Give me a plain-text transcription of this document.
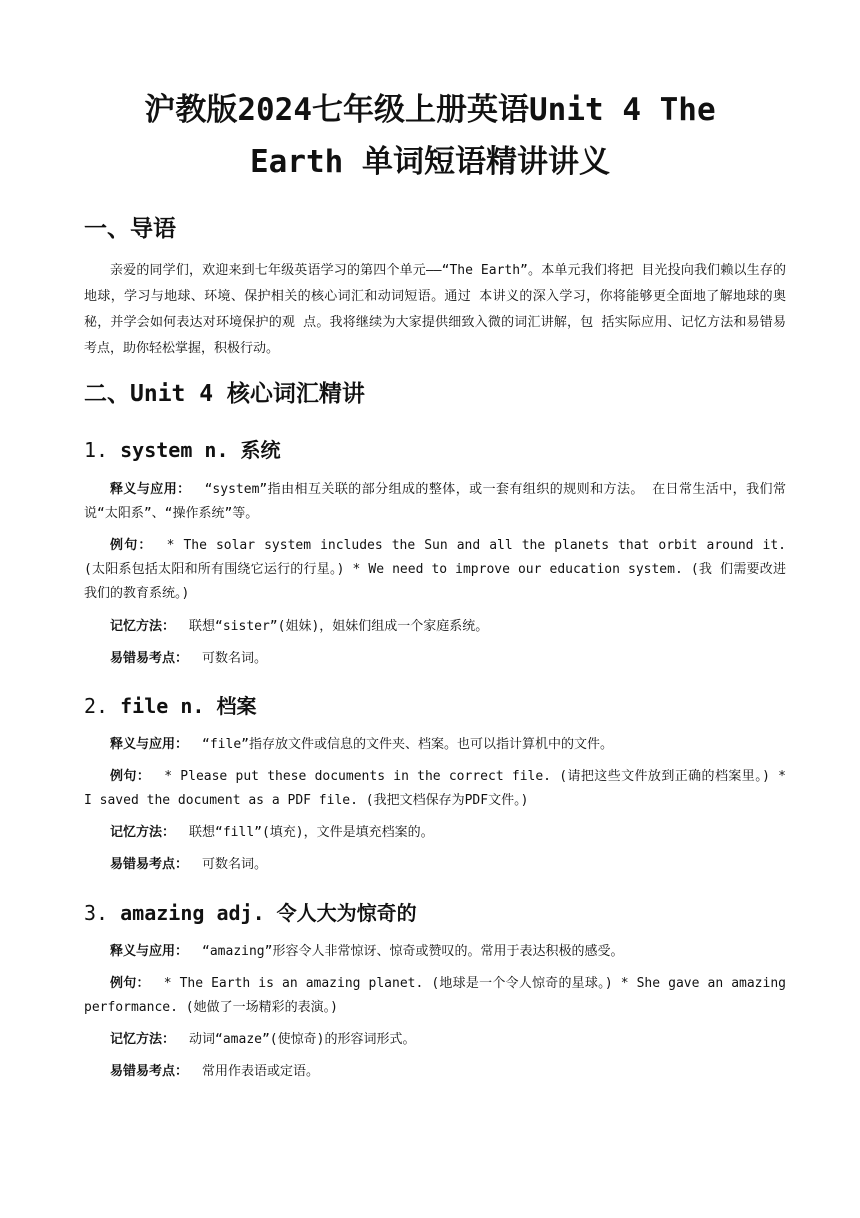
沪教版2024七年级上册英语Unit 4 The
Earth 单词短语精讲讲义
一、导语

亲爱的同学们，欢迎来到七年级英语学习的第四个单元——“The Earth”。本单元我们将把 目光投向我们赖以生存的地球，学习与地球、环境、保护相关的核心词汇和动词短语。通过 本讲义的深入学习，你将能够更全面地了解地球的奥秘，并学会如何表达对环境保护的观 点。我将继续为大家提供细致入微的词汇讲解，包 括实际应用、记忆方法和易错易考点，助你轻松掌握，积极行动。

二、Unit 4 核心词汇精讲
1. system n. 系统

释义与应用： “system”指由相互关联的部分组成的整体，或一套有组织的规则和方法。 在日常生活中，我们常说“太阳系”、“操作系统”等。

例句： * The solar system includes the Sun and all the planets that orbit around it. (太阳系包括太阳和所有围绕它运行的行星。) * We need to improve our education system. (我 们需要改进我们的教育系统。)

记忆方法： 联想“sister”(姐妹)，姐妹们组成一个家庭系统。

易错易考点： 可数名词。

2. file n. 档案

释义与应用： “file”指存放文件或信息的文件夹、档案。也可以指计算机中的文件。

例句： * Please put these documents in the correct file. (请把这些文件放到正确的档案里。) * I saved the document as a PDF file. (我把文档保存为PDF文件。)

记忆方法： 联想“fill”(填充)，文件是填充档案的。

易错易考点： 可数名词。

3. amazing adj. 令人大为惊奇的

释义与应用： “amazing”形容令人非常惊讶、惊奇或赞叹的。常用于表达积极的感受。

例句： * The Earth is an amazing planet. (地球是一个令人惊奇的星球。) * She gave an amazing performance. (她做了一场精彩的表演。)

记忆方法： 动词“amaze”(使惊奇)的形容词形式。

易错易考点： 常用作表语或定语。
